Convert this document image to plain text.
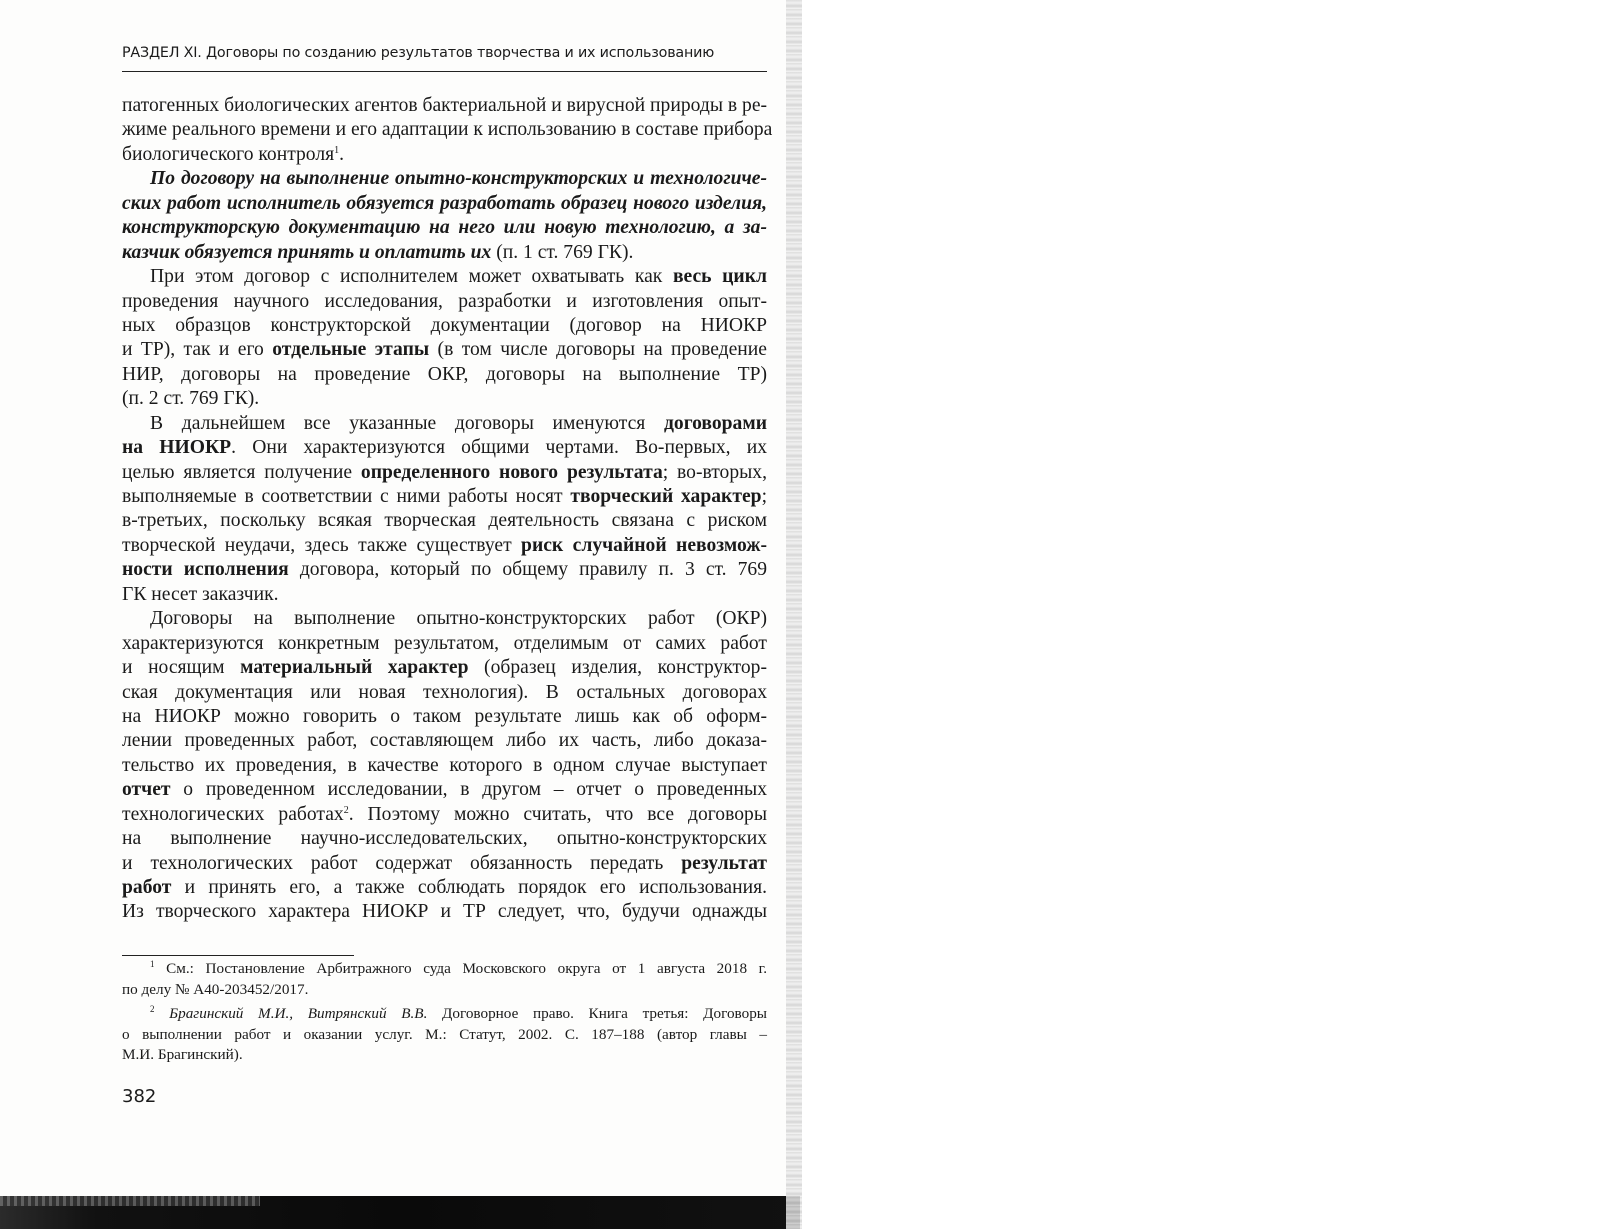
РАЗДЕЛ XI. Договоры по созданию результатов творчества и их использованию
патогенных биологических агентов бактериальной и вирусной природы в ре-
жиме реального времени и его адаптации к использованию в составе прибора
биологического контроля$^1$.
По договору на выполнение опытно-конструкторских и технологиче-
ских работ исполнитель обязуется разработать образец нового изделия,
конструкторскую документацию на него или новую технологию, а за-
казчик обязуется принять и оплатить их (п. 1 ст. 769 ГК).
При этом договор с исполнителем может охватывать как весь цикл
проведения научного исследования, разработки и изготовления опыт-
ных образцов конструкторской документации (договор на НИОКР
и ТР), так и его отдельные этапы (в том числе договоры на проведение
НИР, договоры на проведение ОКР, договоры на выполнение ТР)
(п. 2 ст. 769 ГК).
В дальнейшем все указанные договоры именуются договорами
на НИОКР. Они характеризуются общими чертами. Во-первых, их
целью является получение определенного нового результата; во-вторых,
выполняемые в соответствии с ними работы носят творческий характер;
в-третьих, поскольку всякая творческая деятельность связана с риском
творческой неудачи, здесь также существует риск случайной невозмож-
ности исполнения договора, который по общему правилу п. 3 ст. 769
ГК несет заказчик.
Договоры на выполнение опытно-конструкторских работ (ОКР)
характеризуются конкретным результатом, отделимым от самих работ
и носящим материальный характер (образец изделия, конструктор-
ская документация или новая технология). В остальных договорах
на НИОКР можно говорить о таком результате лишь как об оформ-
лении проведенных работ, составляющем либо их часть, либо доказа-
тельство их проведения, в качестве которого в одном случае выступает
отчет о проведенном исследовании, в другом – отчет о проведенных
технологических работах$^2$. Поэтому можно считать, что все договоры
на выполнение научно-исследовательских, опытно-конструкторских
и технологических работ содержат обязанность передать результат
работ и принять его, а также соблюдать порядок его использования.
Из творческого характера НИОКР и ТР следует, что, будучи однажды
$^1$ См.: Постановление Арбитражного суда Московского округа от 1 августа 2018 г.
по делу № А40-203452/2017.
$^2$ Брагинский М.И., Витрянский В.В. Договорное право. Книга третья: Договоры
о выполнении работ и оказании услуг. М.: Статут, 2002. С. 187–188 (автор главы –
М.И. Брагинский).
382
